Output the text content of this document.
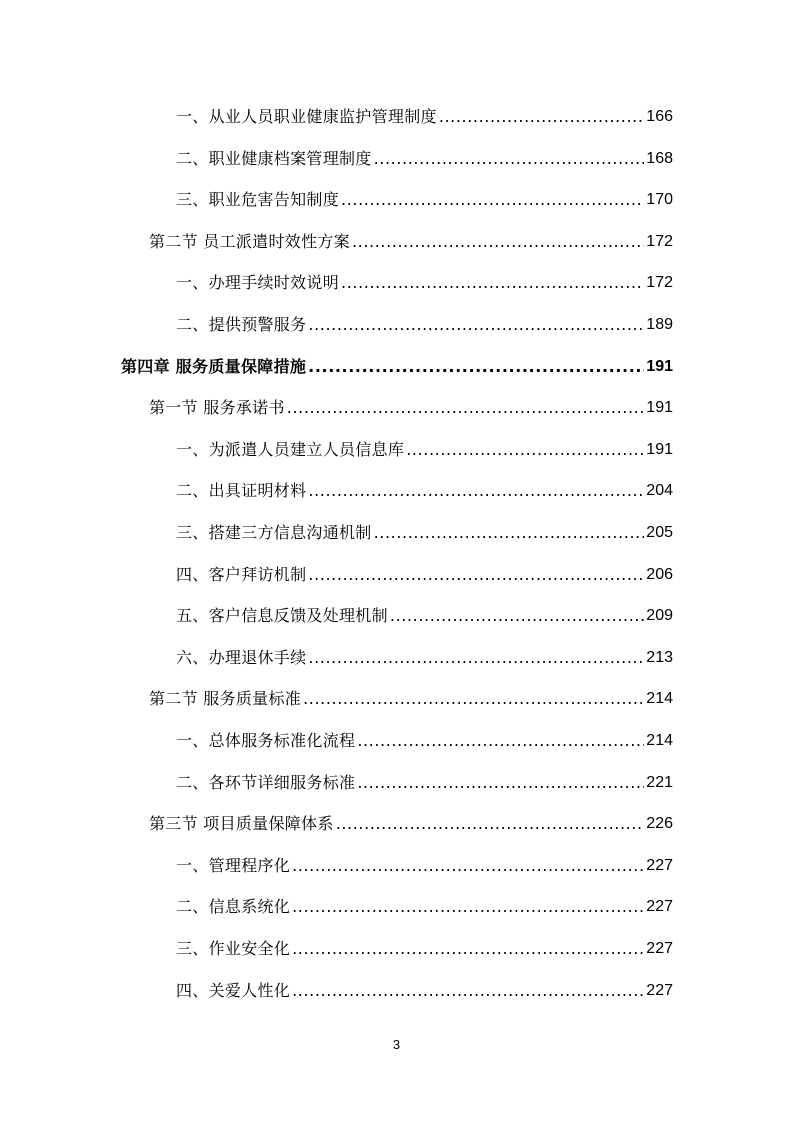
一、从业人员职业健康监护管理制度 .....	166
二、职业健康档案管理制度 .....	168
三、职业危害告知制度 .....	170
第二节 员工派遣时效性方案 .....	172
一、办理手续时效说明 .....	172
二、提供预警服务 .....	189
第四章 服务质量保障措施 .....	191
第一节 服务承诺书 .....	191
一、为派遣人员建立人员信息库 .....	191
二、出具证明材料 .....	204
三、搭建三方信息沟通机制 .....	205
四、客户拜访机制 .....	206
五、客户信息反馈及处理机制 .....	209
六、办理退休手续 .....	213
第二节 服务质量标准 .....	214
一、总体服务标准化流程 .....	214
二、各环节详细服务标准 .....	221
第三节 项目质量保障体系 .....	226
一、管理程序化 .....	227
二、信息系统化 .....	227
三、作业安全化 .....	227
四、关爱人性化 .....	227
3
